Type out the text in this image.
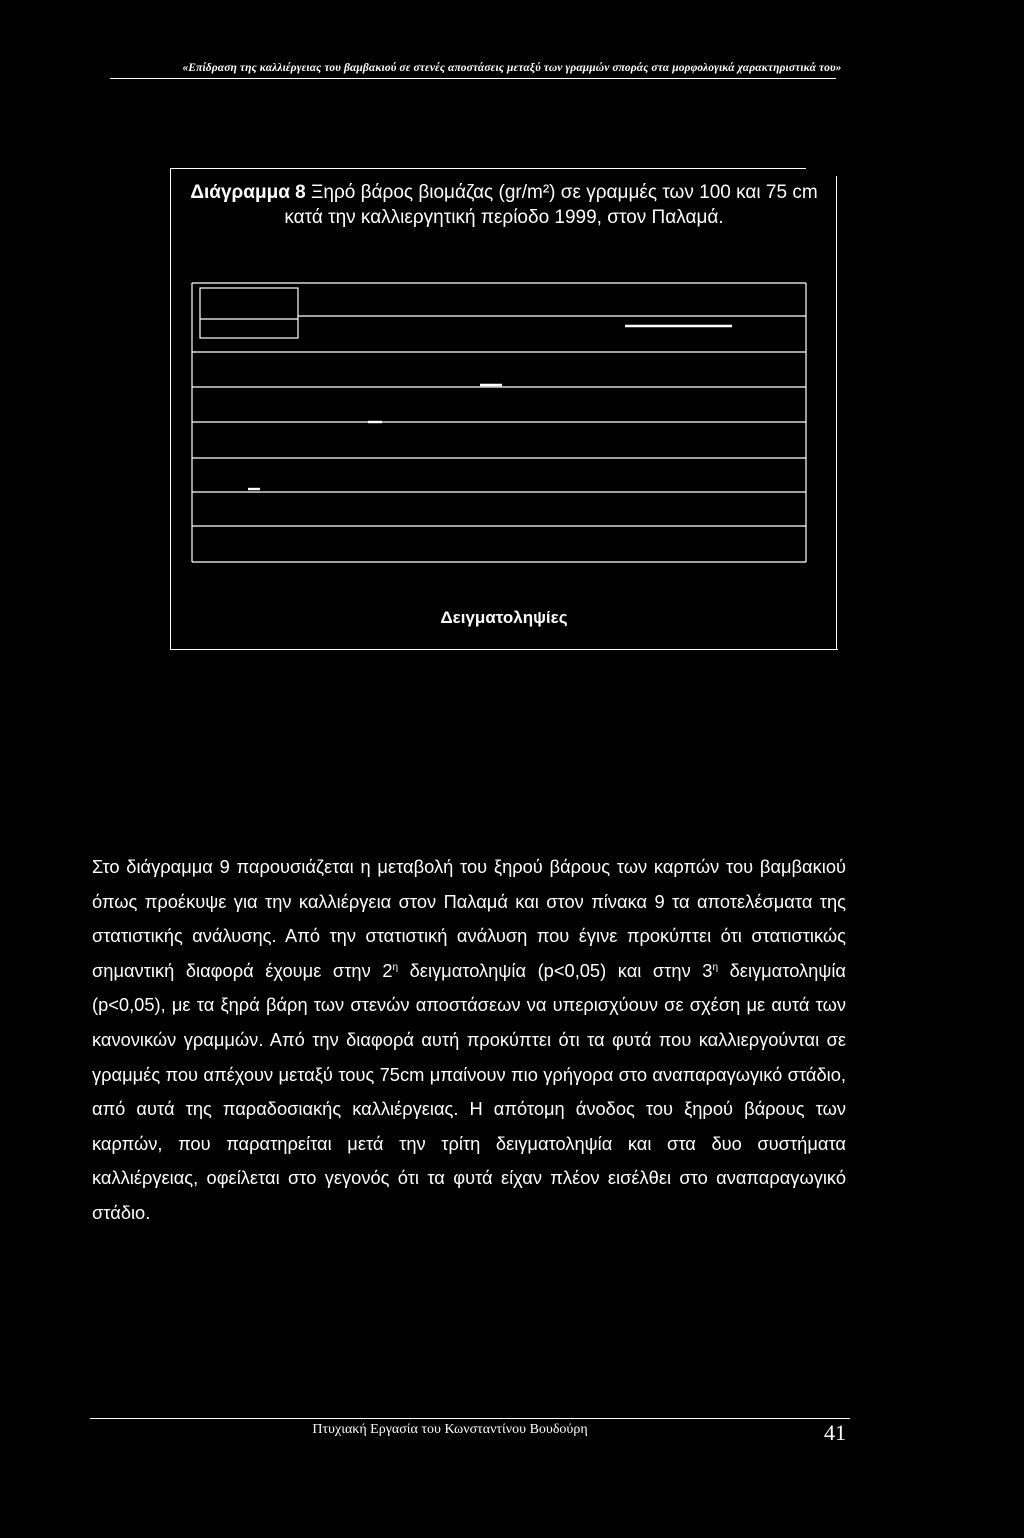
«Επίδραση της καλλιέργειας του βαμβακιού σε στενές αποστάσεις μεταξύ των γραμμών σποράς στα μορφολογικά χαρακτηριστικά του»
Διάγραμμα 8 Ξηρό βάρος βιομάζας (gr/m²) σε γραμμές των 100 και 75 cm κατά την καλλιεργητική περίοδο 1999, στον Παλαμά.
Δειγματοληψίες

Στο διάγραμμα 9 παρουσιάζεται η μεταβολή του ξηρού βάρους των καρπών του βαμβακιού όπως προέκυψε για την καλλιέργεια στον Παλαμά και στον πίνακα 9 τα αποτελέσματα της στατιστικής ανάλυσης. Από την στατιστική ανάλυση που έγινε προκύπτει ότι στατιστικώς σημαντική διαφορά έχουμε στην $2^\eta$ δειγματοληψία (p<0,05) και στην $3^\eta$ δειγματοληψία (p<0,05), με τα ξηρά βάρη των στενών αποστάσεων να υπερισχύουν σε σχέση με αυτά των κανονικών γραμμών. Από την διαφορά αυτή προκύπτει ότι τα φυτά που καλλιεργούνται σε γραμμές που απέχουν μεταξύ τους 75cm μπαίνουν πιο γρήγορα στο αναπαραγωγικό στάδιο, από αυτά της παραδοσιακής καλλιέργειας. Η απότομη άνοδος του ξηρού βάρους των καρπών, που παρατηρείται μετά την τρίτη δειγματοληψία και στα δυο συστήματα καλλιέργειας, οφείλεται στο γεγονός ότι τα φυτά είχαν πλέον εισέλθει στο αναπαραγωγικό στάδιο.

Πτυχιακή Εργασία του Κωνσταντίνου Βουδούρη	41
